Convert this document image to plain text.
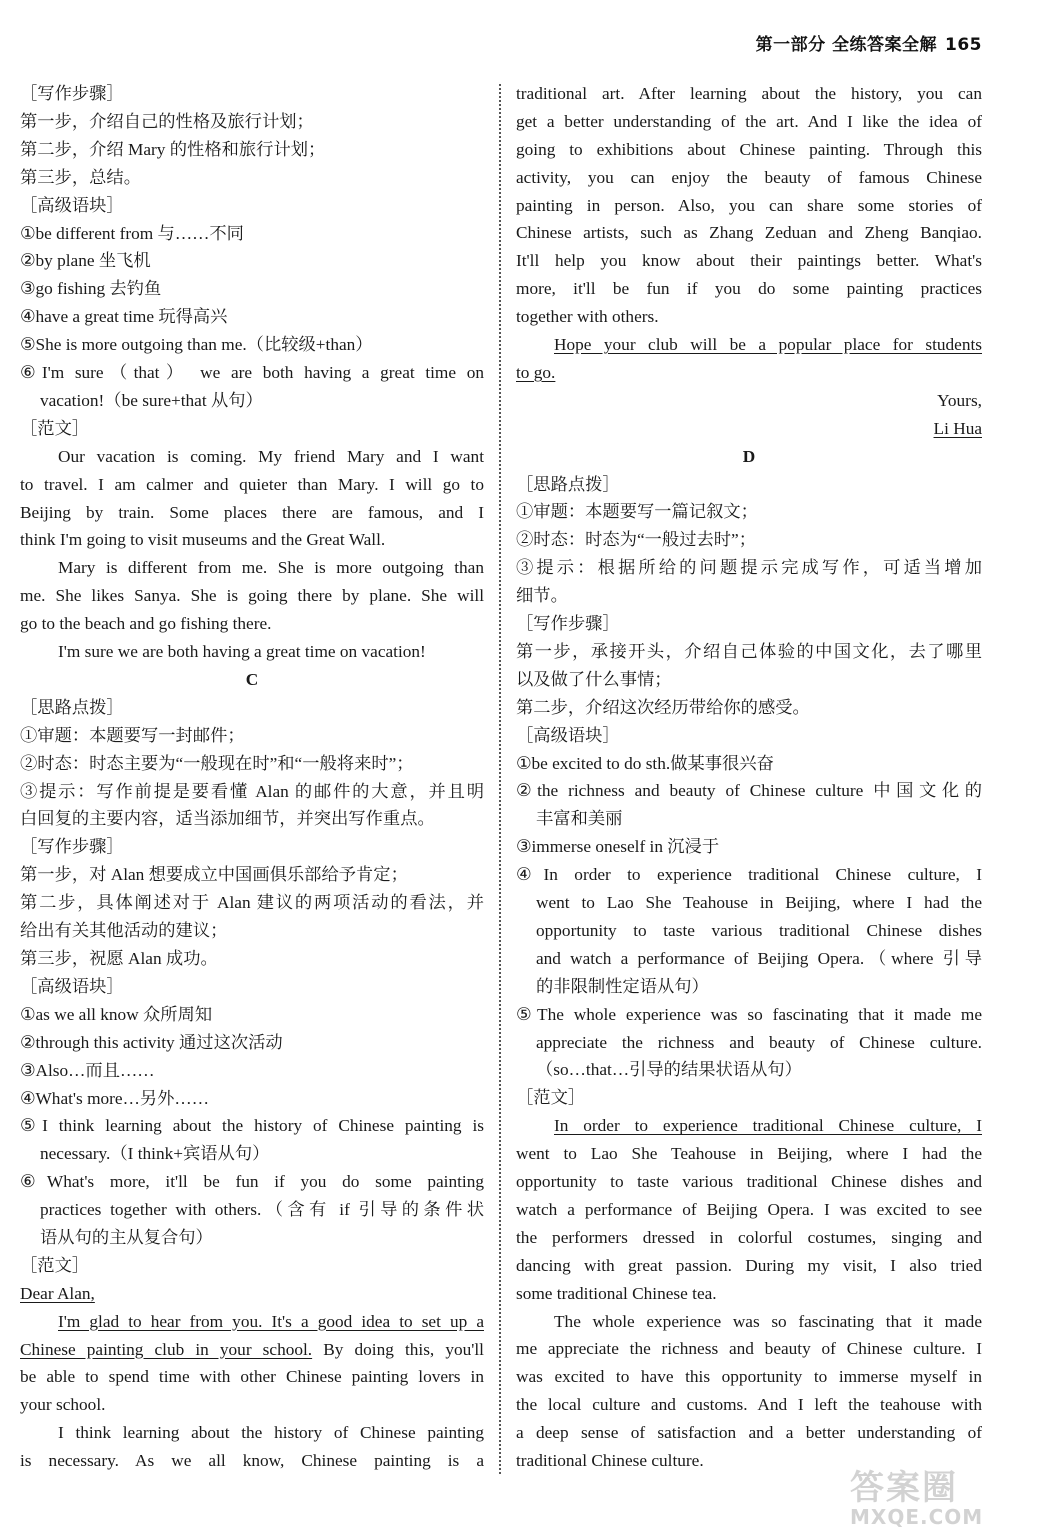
第一部分 全练答案全解 165
［写作步骤］
第一步，介绍自己的性格及旅行计划；
第二步，介绍 Mary 的性格和旅行计划；
第三步，总结。
［高级语块］
①be different from 与……不同
②by plane 坐飞机
③go fishing 去钓鱼
④have a great time 玩得高兴
⑤She is more outgoing than me.（比较级+than）
⑥I'm sure（that） we are both having a great time on
vacation!（be sure+that 从句）
［范文］
Our vacation is coming. My friend Mary and I want
to travel. I am calmer and quieter than Mary. I will go to
Beijing by train. Some places there are famous, and I
think I'm going to visit museums and the Great Wall.
Mary is different from me. She is more outgoing than
me. She likes Sanya. She is going there by plane. She will
go to the beach and go fishing there.
I'm sure we are both having a great time on vacation!
C
［思路点拨］
①审题：本题要写一封邮件；
②时态：时态主要为“一般现在时”和“一般将来时”；
③提示：写作前提是要看懂 Alan 的邮件的大意，并且明
白回复的主要内容，适当添加细节，并突出写作重点。
［写作步骤］
第一步，对 Alan 想要成立中国画俱乐部给予肯定；
第二步，具体阐述对于 Alan 建议的两项活动的看法，并
给出有关其他活动的建议；
第三步，祝愿 Alan 成功。
［高级语块］
①as we all know 众所周知
②through this activity 通过这次活动
③Also…而且……
④What's more…另外……
⑤I think learning about the history of Chinese painting is
necessary.（I think+宾语从句）
⑥What's more, it'll be fun if you do some painting
practices together with others.（含有 if 引导的条件状
语从句的主从复合句）
［范文］
Dear Alan,
I'm glad to hear from you. It's a good idea to set up a
Chinese painting club in your school. By doing this, you'll
be able to spend time with other Chinese painting lovers in
your school.
I think learning about the history of Chinese painting
is necessary. As we all know, Chinese painting is a
traditional art. After learning about the history, you can
get a better understanding of the art. And I like the idea of
going to exhibitions about Chinese painting. Through this
activity, you can enjoy the beauty of famous Chinese
painting in person. Also, you can share some stories of
Chinese artists, such as Zhang Zeduan and Zheng Banqiao.
It'll help you know about their paintings better. What's
more, it'll be fun if you do some painting practices
together with others.
Hope your club will be a popular place for students
to go.
Yours,
Li Hua
D
［思路点拨］
①审题：本题要写一篇记叙文；
②时态：时态为“一般过去时”；
③提示：根据所给的问题提示完成写作，可适当增加
细节。
［写作步骤］
第一步，承接开头，介绍自己体验的中国文化，去了哪里
以及做了什么事情；
第二步，介绍这次经历带给你的感受。
［高级语块］
①be excited to do sth.做某事很兴奋
②the richness and beauty of Chinese culture 中国文化的
丰富和美丽
③immerse oneself in 沉浸于
④In order to experience traditional Chinese culture, I
went to Lao She Teahouse in Beijing, where I had the
opportunity to taste various traditional Chinese dishes
and watch a performance of Beijing Opera.（where 引导
的非限制性定语从句）
⑤The whole experience was so fascinating that it made me
appreciate the richness and beauty of Chinese culture.
（so…that…引导的结果状语从句）
［范文］
In order to experience traditional Chinese culture, I
went to Lao She Teahouse in Beijing, where I had the
opportunity to taste various traditional Chinese dishes and
watch a performance of Beijing Opera. I was excited to see
the performers dressed in colorful costumes, singing and
dancing with great passion. During my visit, I also tried
some traditional Chinese tea.
The whole experience was so fascinating that it made
me appreciate the richness and beauty of Chinese culture. I
was excited to have this opportunity to immerse myself in
the local culture and customs. And I left the teahouse with
a deep sense of satisfaction and a better understanding of
traditional Chinese culture.
答案圈
MXQE.COM
